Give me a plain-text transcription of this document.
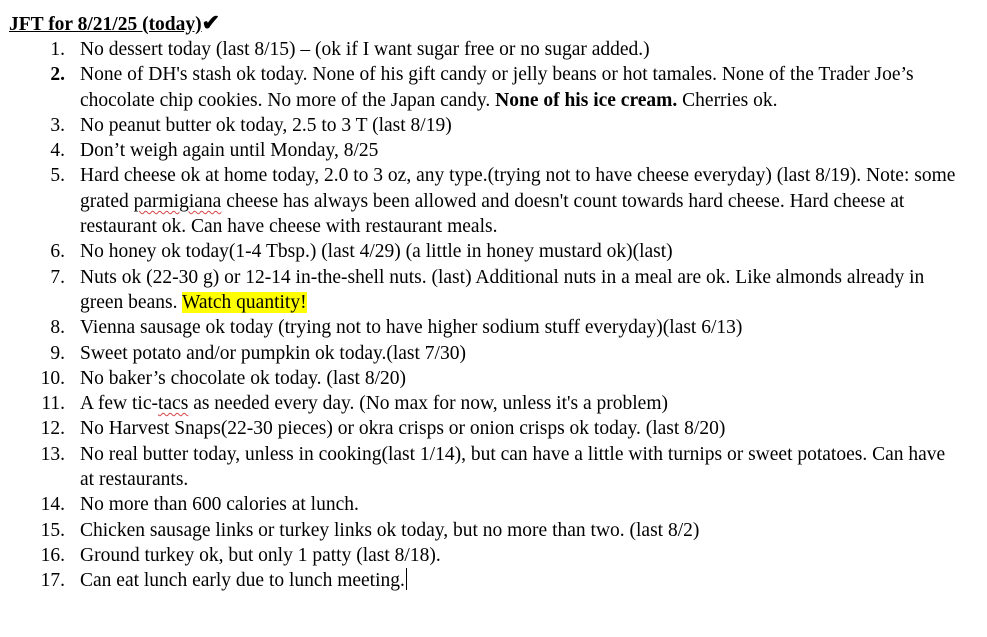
JFT for 8/21/25 (today)✔
1. No dessert today (last 8/15) – (ok if I want sugar free or no sugar added.)
2. None of DH's stash ok today. None of his gift candy or jelly beans or hot tamales. None of the Trader Joe’s chocolate chip cookies. No more of the Japan candy. None of his ice cream. Cherries ok.
3. No peanut butter ok today, 2.5 to 3 T (last 8/19)
4. Don’t weigh again until Monday, 8/25
5. Hard cheese ok at home today, 2.0 to 3 oz, any type.(trying not to have cheese everyday) (last 8/19). Note: some grated parmigiana cheese has always been allowed and doesn't count towards hard cheese. Hard cheese at restaurant ok. Can have cheese with restaurant meals.
6. No honey ok today(1-4 Tbsp.) (last 4/29) (a little in honey mustard ok)(last)
7. Nuts ok (22-30 g) or 12-14 in-the-shell nuts. (last) Additional nuts in a meal are ok. Like almonds already in green beans. Watch quantity!
8. Vienna sausage ok today (trying not to have higher sodium stuff everyday)(last 6/13)
9. Sweet potato and/or pumpkin ok today.(last 7/30)
10. No baker’s chocolate ok today. (last 8/20)
11. A few tic-tacs as needed every day. (No max for now, unless it's a problem)
12. No Harvest Snaps(22-30 pieces) or okra crisps or onion crisps ok today. (last 8/20)
13. No real butter today, unless in cooking(last 1/14), but can have a little with turnips or sweet potatoes. Can have at restaurants.
14. No more than 600 calories at lunch.
15. Chicken sausage links or turkey links ok today, but no more than two. (last 8/2)
16. Ground turkey ok, but only 1 patty (last 8/18).
17. Can eat lunch early due to lunch meeting.
